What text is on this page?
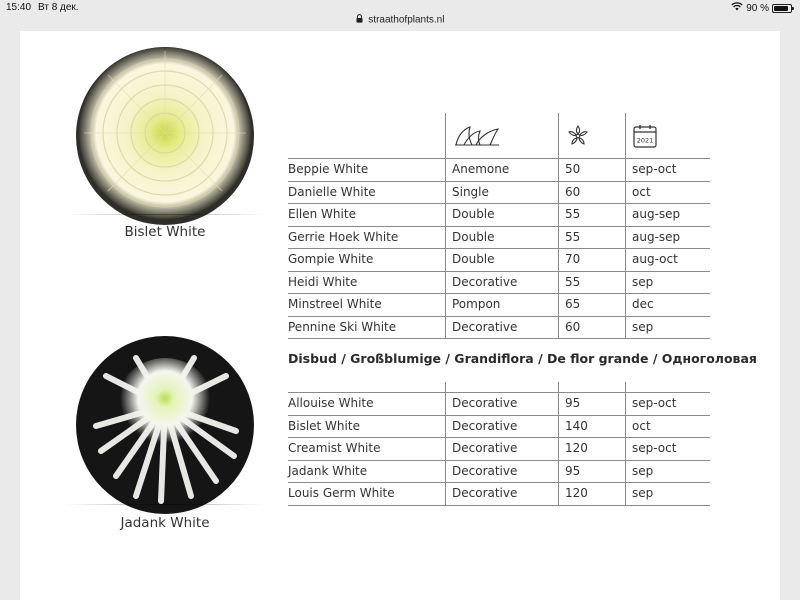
15:40 Вт 8 дек.	90 %
straathofplants.nl
Bislet White
Jadank White

2021

Beppie White	Anemone	50	sep-oct
Danielle White	Single	60	oct
Ellen White	Double	55	aug-sep
Gerrie Hoek White	Double	55	aug-sep
Gompie White	Double	70	aug-oct
Heidi White	Decorative	55	sep
Minstreel White	Pompon	65	dec
Pennine Ski White	Decorative	60	sep
Disbud / Großblumige / Grandiflora / De flor grande / Одноголовая

Allouise White	Decorative	95	sep-oct
Bislet White	Decorative	140	oct
Creamist White	Decorative	120	sep-oct
Jadank White	Decorative	95	sep
Louis Germ White	Decorative	120	sep
